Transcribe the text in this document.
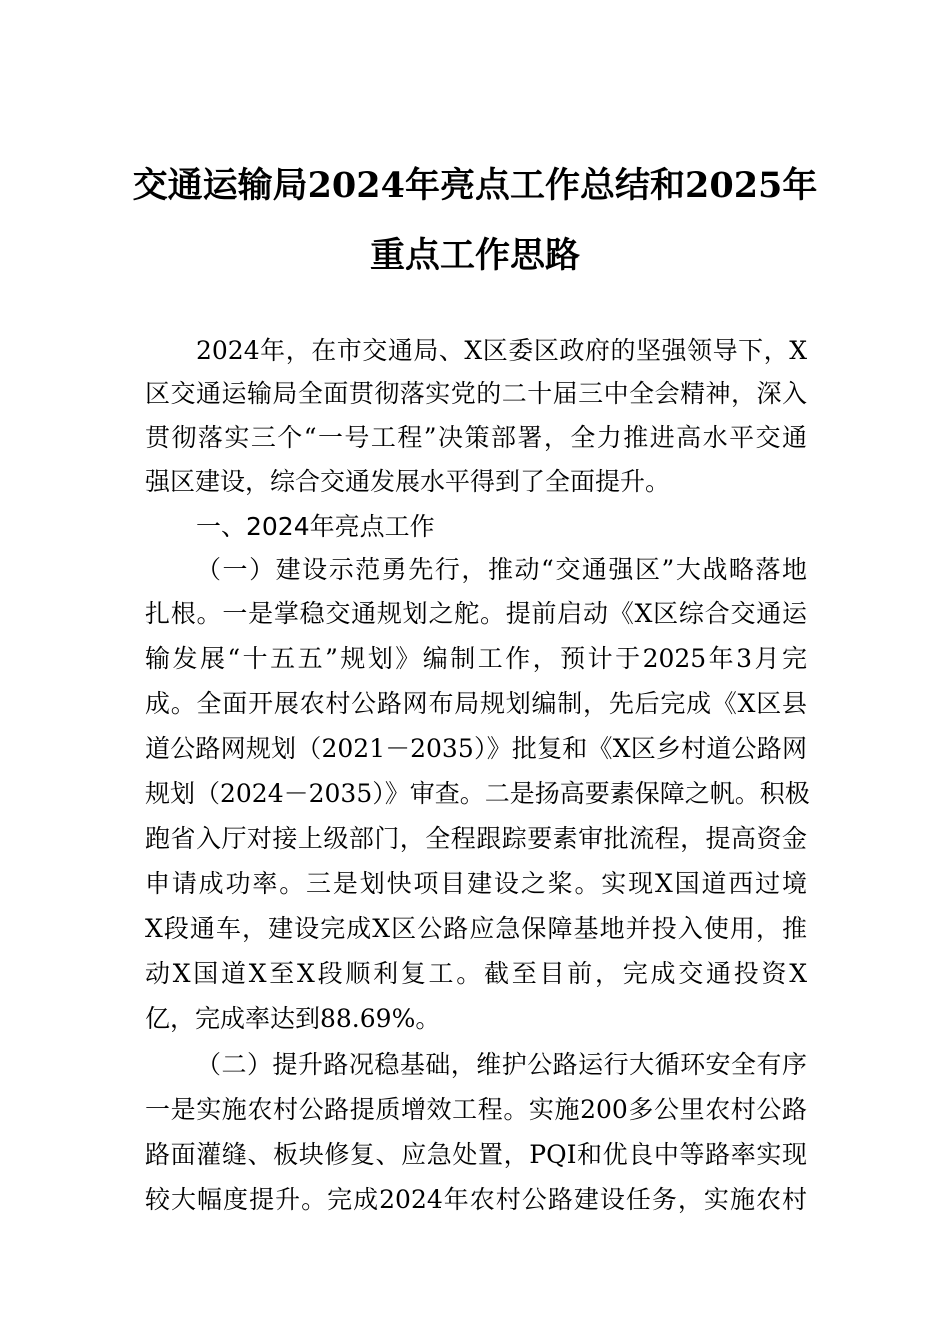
交通运输局2024年亮点工作总结和2025年
重点工作思路
2024年，在市交通局、X区委区政府的坚强领导下，X
区交通运输局全面贯彻落实党的二十届三中全会精神，深入
贯彻落实三个“一号工程”决策部署，全力推进高水平交通
强区建设，综合交通发展水平得到了全面提升。
一、2024年亮点工作
（一）建设示范勇先行，推动“交通强区”大战略落地
扎根。一是掌稳交通规划之舵。提前启动《X区综合交通运
输发展“十五五”规划》编制工作，预计于2025年3月完
成。全面开展农村公路网布局规划编制，先后完成《X区县
道公路网规划（2021－2035）》批复和《X区乡村道公路网
规划（2024－2035）》审查。二是扬高要素保障之帆。积极
跑省入厅对接上级部门，全程跟踪要素审批流程，提高资金
申请成功率。三是划快项目建设之桨。实现X国道西过境
X段通车，建设完成X区公路应急保障基地并投入使用，推
动X国道X至X段顺利复工。截至目前，完成交通投资X
亿，完成率达到88.69%。
（二）提升路况稳基础，维护公路运行大循环安全有序
一是实施农村公路提质增效工程。实施200多公里农村公路
路面灌缝、板块修复、应急处置，PQI和优良中等路率实现
较大幅度提升。完成2024年农村公路建设任务，实施农村
